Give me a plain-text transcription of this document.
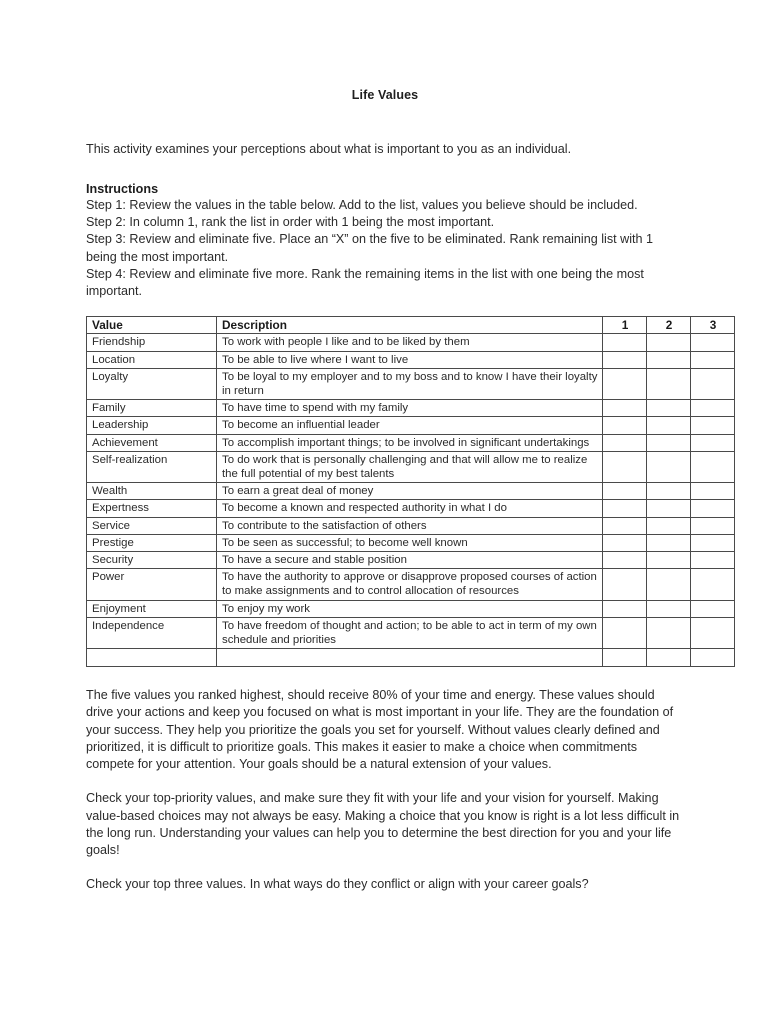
Life Values
This activity examines your perceptions about what is important to you as an individual.
Instructions
Step 1: Review the values in the table below. Add to the list, values you believe should be included.
Step 2: In column 1, rank the list in order with 1 being the most important.
Step 3: Review and eliminate five. Place an “X” on the five to be eliminated. Rank remaining list with 1 being the most important.
Step 4: Review and eliminate five more. Rank the remaining items in the list with one being the most important.
Value	Description	1	2	3
Friendship	To work with people I like and to be liked by them			
Location	To be able to live where I want to live			
Loyalty	To be loyal to my employer and to my boss and to know I have their loyalty in return			
Family	To have time to spend with my family			
Leadership	To become an influential leader			
Achievement	To accomplish important things; to be involved in significant undertakings			
Self-realization	To do work that is personally challenging and that will allow me to realize the full potential of my best talents			
Wealth	To earn a great deal of money			
Expertness	To become a known and respected authority in what I do			
Service	To contribute to the satisfaction of others			
Prestige	To be seen as successful; to become well known			
Security	To have a secure and stable position			
Power	To have the authority to approve or disapprove proposed courses of action to make assignments and to control allocation of resources			
Enjoyment	To enjoy my work			
Independence	To have freedom of thought and action; to be able to act in term of my own schedule and priorities			

The five values you ranked highest, should receive 80% of your time and energy. These values should drive your actions and keep you focused on what is most important in your life. They are the foundation of your success. They help you prioritize the goals you set for yourself. Without values clearly defined and prioritized, it is difficult to prioritize goals. This makes it easier to make a choice when commitments compete for your attention. Your goals should be a natural extension of your values.

Check your top-priority values, and make sure they fit with your life and your vision for yourself. Making value-based choices may not always be easy. Making a choice that you know is right is a lot less difficult in the long run. Understanding your values can help you to determine the best direction for you and your life goals!

Check your top three values. In what ways do they conflict or align with your career goals?
